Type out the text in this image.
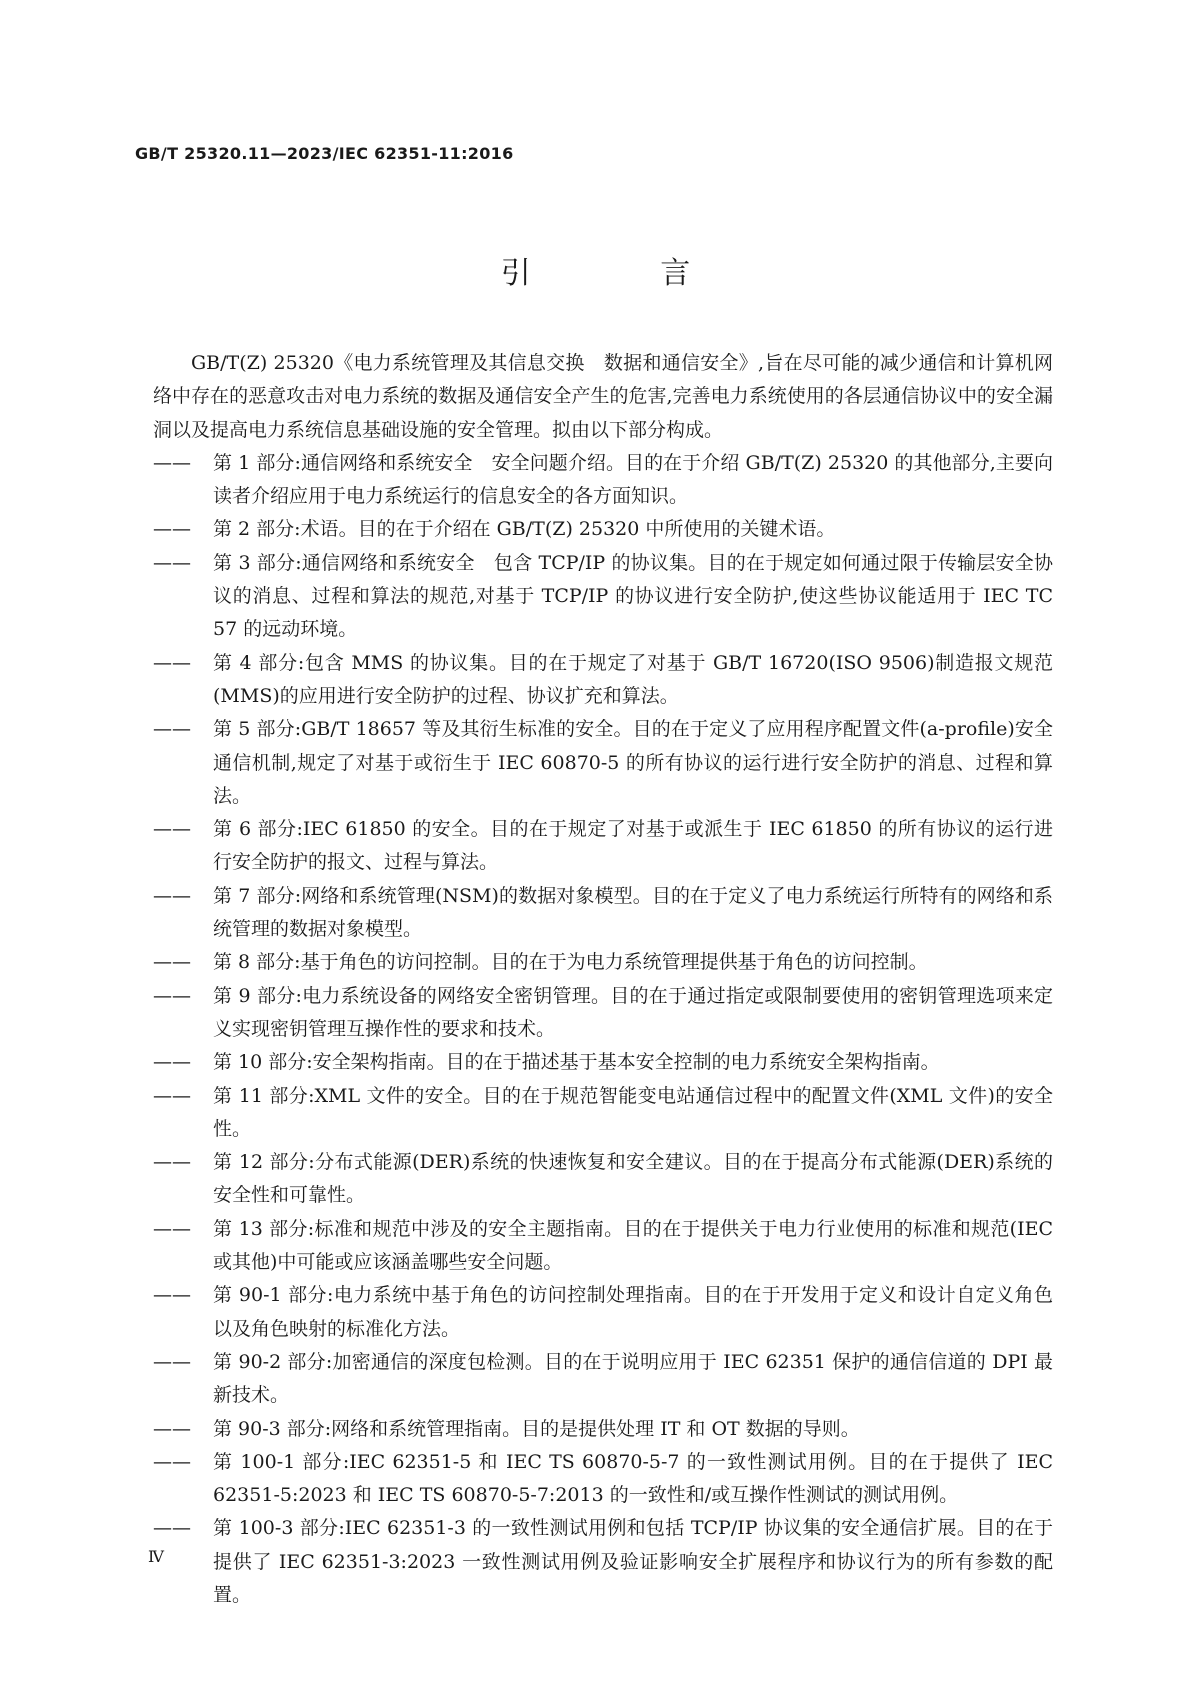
GB/T 25320.11—2023/IEC 62351-11:2016
引 言

GB/T(Z) 25320《电力系统管理及其信息交换　数据和通信安全》,旨在尽可能的减少通信和计算机网络中存在的恶意攻击对电力系统的数据及通信安全产生的危害,完善电力系统使用的各层通信协议中的安全漏洞以及提高电力系统信息基础设施的安全管理。拟由以下部分构成。

——	第 1 部分:通信网络和系统安全　安全问题介绍。目的在于介绍 GB/T(Z) 25320 的其他部分,主要向读者介绍应用于电力系统运行的信息安全的各方面知识。
——	第 2 部分:术语。目的在于介绍在 GB/T(Z) 25320 中所使用的关键术语。
——	第 3 部分:通信网络和系统安全　包含 TCP/IP 的协议集。目的在于规定如何通过限于传输层安全协议的消息、过程和算法的规范,对基于 TCP/IP 的协议进行安全防护,使这些协议能适用于 IEC TC 57 的远动环境。
——	第 4 部分:包含 MMS 的协议集。目的在于规定了对基于 GB/T 16720(ISO 9506)制造报文规范(MMS)的应用进行安全防护的过程、协议扩充和算法。
——	第 5 部分:GB/T 18657 等及其衍生标准的安全。目的在于定义了应用程序配置文件(a-profile)安全通信机制,规定了对基于或衍生于 IEC 60870-5 的所有协议的运行进行安全防护的消息、过程和算法。
——	第 6 部分:IEC 61850 的安全。目的在于规定了对基于或派生于 IEC 61850 的所有协议的运行进行安全防护的报文、过程与算法。
——	第 7 部分:网络和系统管理(NSM)的数据对象模型。目的在于定义了电力系统运行所特有的网络和系统管理的数据对象模型。
——	第 8 部分:基于角色的访问控制。目的在于为电力系统管理提供基于角色的访问控制。
——	第 9 部分:电力系统设备的网络安全密钥管理。目的在于通过指定或限制要使用的密钥管理选项来定义实现密钥管理互操作性的要求和技术。
——	第 10 部分:安全架构指南。目的在于描述基于基本安全控制的电力系统安全架构指南。
——	第 11 部分:XML 文件的安全。目的在于规范智能变电站通信过程中的配置文件(XML 文件)的安全性。
——	第 12 部分:分布式能源(DER)系统的快速恢复和安全建议。目的在于提高分布式能源(DER)系统的安全性和可靠性。
——	第 13 部分:标准和规范中涉及的安全主题指南。目的在于提供关于电力行业使用的标准和规范(IEC 或其他)中可能或应该涵盖哪些安全问题。
——	第 90-1 部分:电力系统中基于角色的访问控制处理指南。目的在于开发用于定义和设计自定义角色以及角色映射的标准化方法。
——	第 90-2 部分:加密通信的深度包检测。目的在于说明应用于 IEC 62351 保护的通信信道的 DPI 最新技术。
——	第 90-3 部分:网络和系统管理指南。目的是提供处理 IT 和 OT 数据的导则。
——	第 100-1 部分:IEC 62351-5 和 IEC TS 60870-5-7 的一致性测试用例。目的在于提供了 IEC 62351-5:2023 和 IEC TS 60870-5-7:2013 的一致性和/或互操作性测试的测试用例。
——	第 100-3 部分:IEC 62351-3 的一致性测试用例和包括 TCP/IP 协议集的安全通信扩展。目的在于提供了 IEC 62351-3:2023 一致性测试用例及验证影响安全扩展程序和协议行为的所有参数的配置。
Ⅳ
